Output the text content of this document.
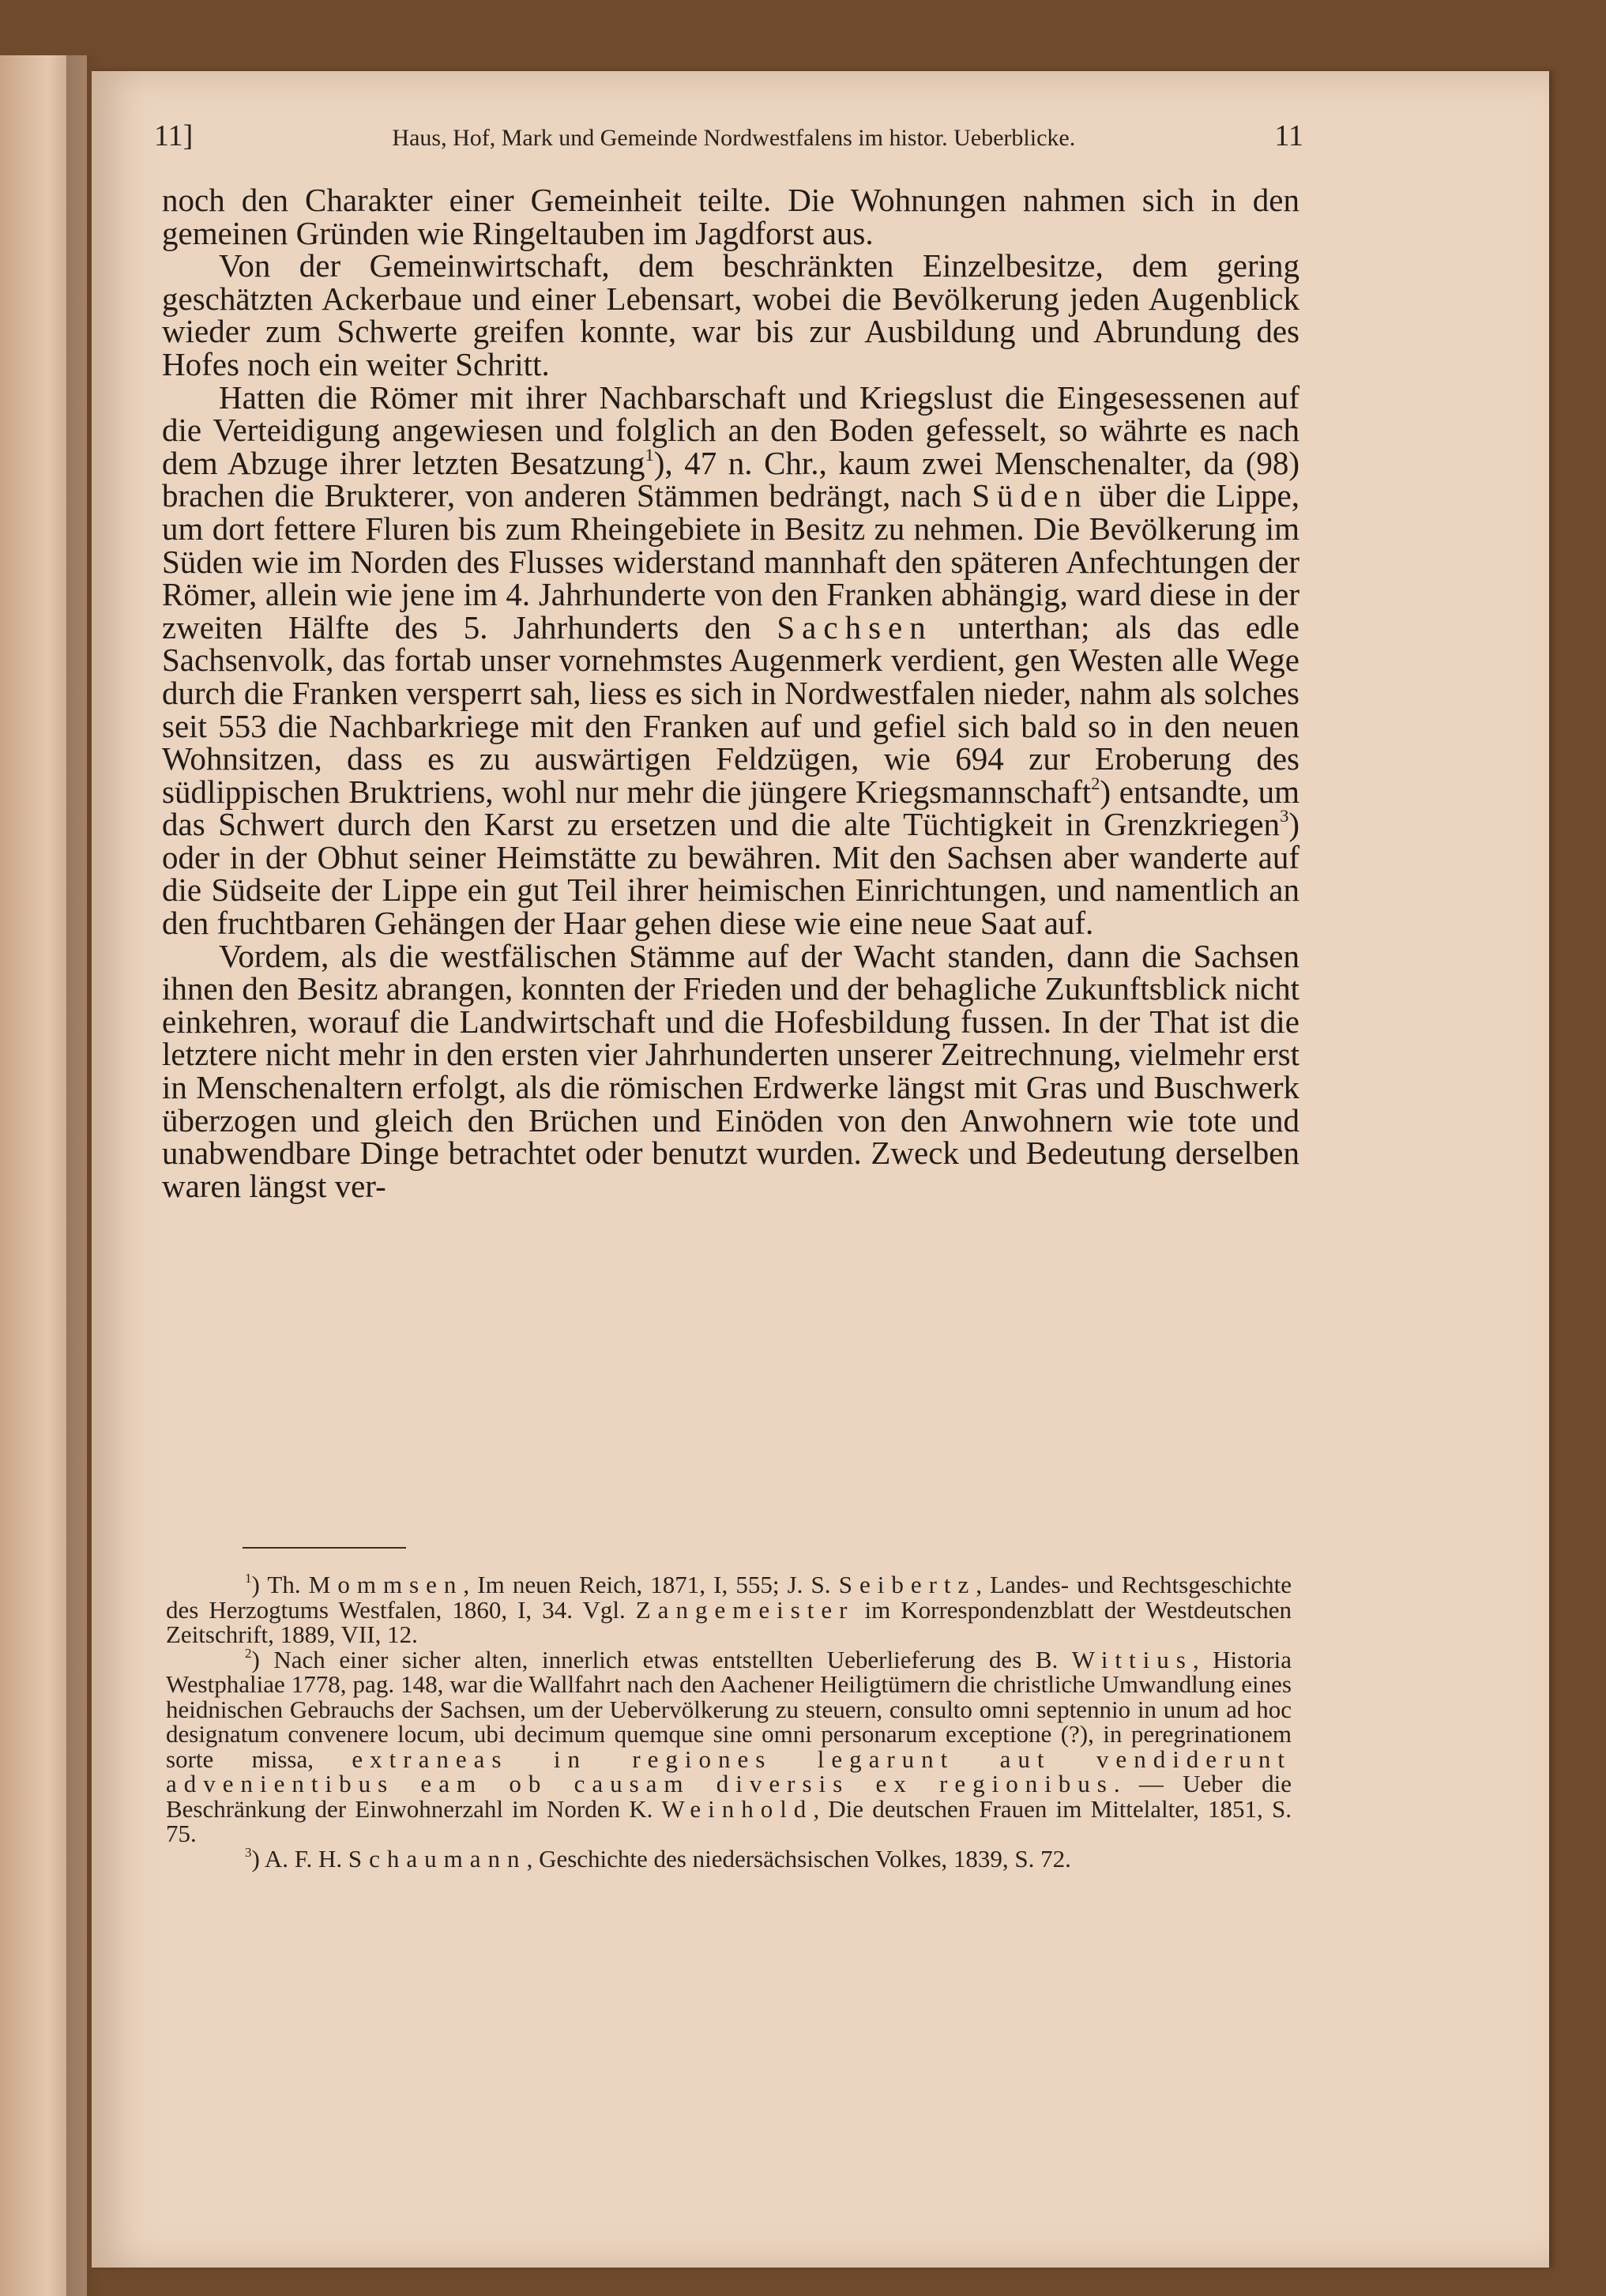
11]	Haus, Hof, Mark und Gemeinde Nordwestfalens im histor. Ueberblicke.	11

noch den Charakter einer Gemeinheit teilte. Die Wohnungen nahmen sich in den gemeinen Gründen wie Ringeltauben im Jagdforst aus.

Von der Gemeinwirtschaft, dem beschränkten Einzelbesitze, dem gering geschätzten Ackerbaue und einer Lebensart, wobei die Bevölkerung jeden Augenblick wieder zum Schwerte greifen konnte, war bis zur Ausbildung und Abrundung des Hofes noch ein weiter Schritt.

Hatten die Römer mit ihrer Nachbarschaft und Kriegslust die Eingesessenen auf die Verteidigung angewiesen und folglich an den Boden gefesselt, so währte es nach dem Abzuge ihrer letzten Besatzung$^1$), 47 n. Chr., kaum zwei Menschenalter, da (98) brachen die Brukterer, von anderen Stämmen bedrängt, nach Süden über die Lippe, um dort fettere Fluren bis zum Rheingebiete in Besitz zu nehmen. Die Bevölkerung im Süden wie im Norden des Flusses widerstand mannhaft den späteren Anfechtungen der Römer, allein wie jene im 4. Jahrhunderte von den Franken abhängig, ward diese in der zweiten Hälfte des 5. Jahrhunderts den Sachsen unterthan; als das edle Sachsenvolk, das fortab unser vornehmstes Augenmerk verdient, gen Westen alle Wege durch die Franken versperrt sah, liess es sich in Nordwestfalen nieder, nahm als solches seit 553 die Nachbarkriege mit den Franken auf und gefiel sich bald so in den neuen Wohnsitzen, dass es zu auswärtigen Feldzügen, wie 694 zur Eroberung des südlippischen Bruktriens, wohl nur mehr die jüngere Kriegsmannschaft$^2$) entsandte, um das Schwert durch den Karst zu ersetzen und die alte Tüchtigkeit in Grenzkriegen$^3$) oder in der Obhut seiner Heimstätte zu bewähren. Mit den Sachsen aber wanderte auf die Südseite der Lippe ein gut Teil ihrer heimischen Einrichtungen, und namentlich an den fruchtbaren Gehängen der Haar gehen diese wie eine neue Saat auf.

Vordem, als die westfälischen Stämme auf der Wacht standen, dann die Sachsen ihnen den Besitz abrangen, konnten der Frieden und der behagliche Zukunftsblick nicht einkehren, worauf die Landwirtschaft und die Hofesbildung fussen. In der That ist die letztere nicht mehr in den ersten vier Jahrhunderten unserer Zeitrechnung, vielmehr erst in Menschenaltern erfolgt, als die römischen Erdwerke längst mit Gras und Buschwerk überzogen und gleich den Brüchen und Einöden von den Anwohnern wie tote und unabwendbare Dinge betrachtet oder benutzt wurden. Zweck und Bedeutung derselben waren längst ver-

$^1$) Th. Mommsen, Im neuen Reich, 1871, I, 555; J. S. Seibertz, Landes- und Rechtsgeschichte des Herzogtums Westfalen, 1860, I, 34. Vgl. Zangemeister im Korrespondenzblatt der Westdeutschen Zeitschrift, 1889, VII, 12.

$^2$) Nach einer sicher alten, innerlich etwas entstellten Ueberlieferung des B. Wittius, Historia Westphaliae 1778, pag. 148, war die Wallfahrt nach den Aachener Heiligtümern die christliche Umwandlung eines heidnischen Gebrauchs der Sachsen, um der Uebervölkerung zu steuern, consulto omni septennio in unum ad hoc designatum convenere locum, ubi decimum quemque sine omni personarum exceptione (?), in peregrinationem sorte missa, extraneas in regiones legarunt aut vendiderunt advenientibus eam ob causam diversis ex regionibus. — Ueber die Beschränkung der Einwohnerzahl im Norden K. Weinhold, Die deutschen Frauen im Mittelalter, 1851, S. 75.

$^3$) A. F. H. Schaumann, Geschichte des niedersächsischen Volkes, 1839, S. 72.
